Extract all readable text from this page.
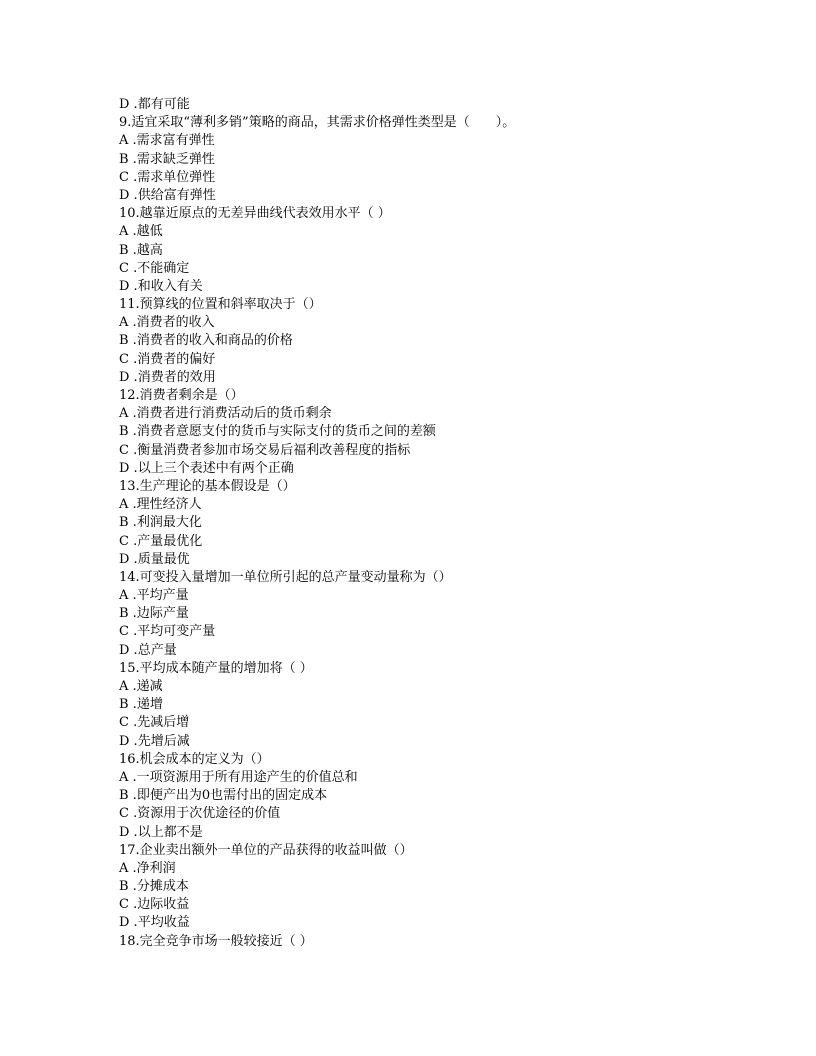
D .都有可能
9.适宜采取“薄利多销”策略的商品，其需求价格弹性类型是（　　）。
A .需求富有弹性
B .需求缺乏弹性
C .需求单位弹性
D .供给富有弹性
10.越靠近原点的无差异曲线代表效用水平（ ）
A .越低
B .越高
C .不能确定
D .和收入有关
11.预算线的位置和斜率取决于（）
A .消费者的收入
B .消费者的收入和商品的价格
C .消费者的偏好
D .消费者的效用
12.消费者剩余是（）
A .消费者进行消费活动后的货币剩余
B .消费者意愿支付的货币与实际支付的货币之间的差额
C .衡量消费者参加市场交易后福利改善程度的指标
D .以上三个表述中有两个正确
13.生产理论的基本假设是（）
A .理性经济人
B .利润最大化
C .产量最优化
D .质量最优
14.可变投入量增加一单位所引起的总产量变动量称为（）
A .平均产量
B .边际产量
C .平均可变产量
D .总产量
15.平均成本随产量的增加将（ ）
A .递减
B .递增
C .先减后增
D .先增后减
16.机会成本的定义为（）
A .一项资源用于所有用途产生的价值总和
B .即便产出为0也需付出的固定成本
C .资源用于次优途径的价值
D .以上都不是
17.企业卖出额外一单位的产品获得的收益叫做（）
A .净利润
B .分摊成本
C .边际收益
D .平均收益
18.完全竞争市场一般较接近（ ）
